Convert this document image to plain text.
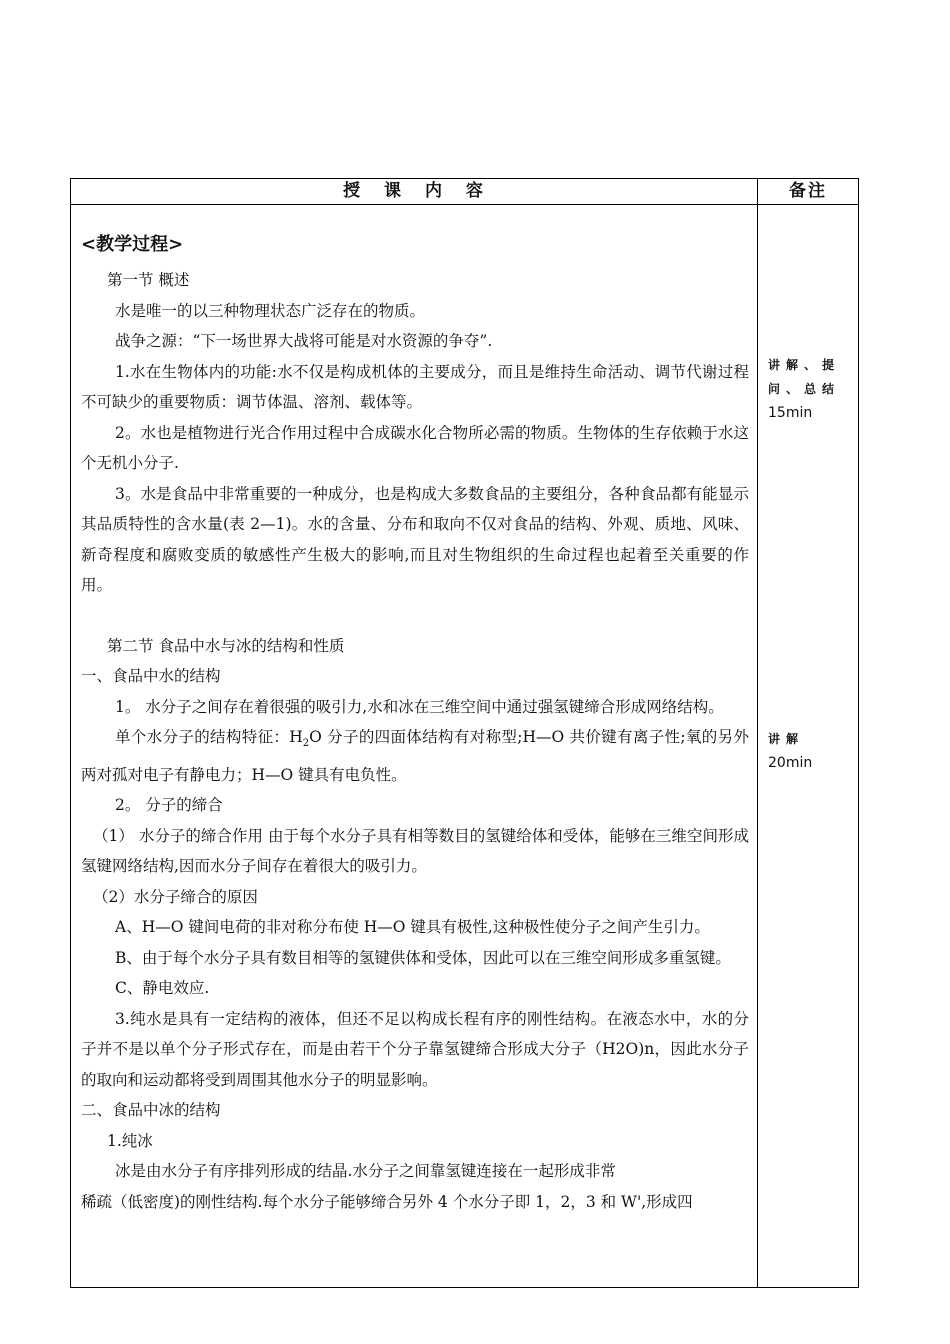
授 课 内 容	备注
<教学过程>

第一节 概述

水是唯一的以三种物理状态广泛存在的物质。

战争之源：“下一场世界大战将可能是对水资源的争夺”.

1.水在生物体内的功能:水不仅是构成机体的主要成分，而且是维持生命活动、调节代谢过程不可缺少的重要物质：调节体温、溶剂、载体等。

2。水也是植物进行光合作用过程中合成碳水化合物所必需的物质。生物体的生存依赖于水这个无机小分子.

3。水是食品中非常重要的一种成分，也是构成大多数食品的主要组分，各种食品都有能显示其品质特性的含水量(表 2—1)。水的含量、分布和取向不仅对食品的结构、外观、质地、风味、新奇程度和腐败变质的敏感性产生极大的影响,而且对生物组织的生命过程也起着至关重要的作用。

第二节 食品中水与冰的结构和性质

一、食品中水的结构

1。 水分子之间存在着很强的吸引力,水和冰在三维空间中通过强氢键缔合形成网络结构。

单个水分子的结构特征：$H_2O$ 分子的四面体结构有对称型;H—O 共价键有离子性;氧的另外两对孤对电子有静电力；H—O 键具有电负性。

2。 分子的缔合

（1） 水分子的缔合作用 由于每个水分子具有相等数目的氢键给体和受体，能够在三维空间形成氢键网络结构,因而水分子间存在着很大的吸引力。

（2）水分子缔合的原因

A、H—O 键间电荷的非对称分布使 H—O 键具有极性,这种极性使分子之间产生引力。

B、由于每个水分子具有数目相等的氢键供体和受体，因此可以在三维空间形成多重氢键。

C、静电效应.

3.纯水是具有一定结构的液体，但还不足以构成长程有序的刚性结构。在液态水中，水的分子并不是以单个分子形式存在，而是由若干个分子靠氢键缔合形成大分子（H2O)n，因此水分子的取向和运动都将受到周围其他水分子的明显影响。

二、食品中冰的结构

1.纯冰

冰是由水分子有序排列形成的结晶.水分子之间靠氢键连接在一起形成非常

稀疏（低密度)的刚性结构.每个水分子能够缔合另外 4 个水分子即 1，2，3 和 W',形成四

讲解、提
问、总结
15min
讲解
20min
